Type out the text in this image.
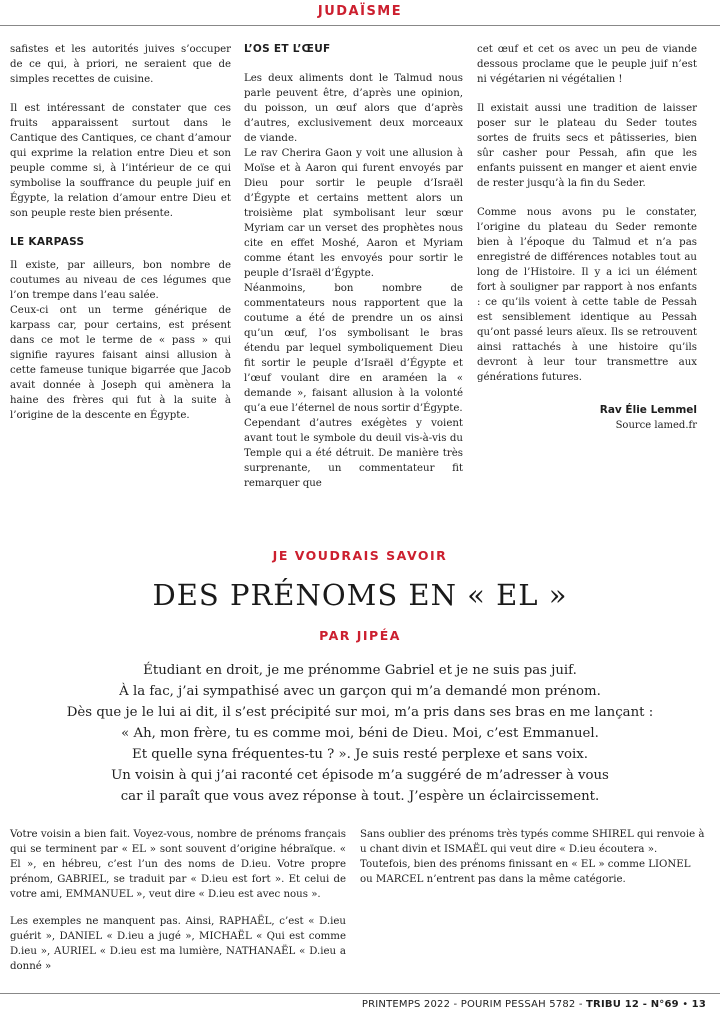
JUDAÏSME

safistes et les autorités juives s’occuper de ce qui, à priori, ne seraient que de simples recettes de cuisine.

Il est intéressant de constater que ces fruits apparaissent surtout dans le Cantique des Cantiques, ce chant d’amour qui exprime la relation entre Dieu et son peuple comme si, à l’intérieur de ce qui symbolise la souffrance du peuple juif en Égypte, la relation d’amour entre Dieu et son peuple reste bien présente.

LE KARPASS

Il existe, par ailleurs, bon nombre de coutumes au niveau de ces légumes que l’on trempe dans l’eau salée.

Ceux-ci ont un terme générique de karpass car, pour certains, est présent dans ce mot le terme de « pass » qui signifie rayures faisant ainsi allusion à cette fameuse tunique bigarrée que Jacob avait donnée à Joseph qui amènera la haine des frères qui fut à la suite à l’origine de la descente en Égypte.

L’OS ET L’ŒUF

Les deux aliments dont le Talmud nous parle peuvent être, d’après une opinion, du poisson, un œuf alors que d’après d’autres, exclusivement deux morceaux de viande.

Le rav Cherira Gaon y voit une allusion à Moïse et à Aaron qui furent envoyés par Dieu pour sortir le peuple d’Israël d’Égypte et certains mettent alors un troisième plat symbolisant leur sœur Myriam car un verset des prophètes nous cite en effet Moshé, Aaron et Myriam comme étant les envoyés pour sortir le peuple d’Israël d’Égypte.

Néanmoins, bon nombre de commentateurs nous rapportent que la coutume a été de prendre un os ainsi qu’un œuf, l’os symbolisant le bras étendu par lequel symboliquement Dieu fit sortir le peuple d’Israël d’Égypte et l’œuf voulant dire en araméen la « demande », faisant allusion à la volonté qu’a eue l’éternel de nous sortir d’Égypte.

Cependant d’autres exégètes y voient avant tout le symbole du deuil vis-à-vis du Temple qui a été détruit. De manière très surprenante, un commentateur fit remarquer que

cet œuf et cet os avec un peu de viande dessous proclame que le peuple juif n’est ni végétarien ni végétalien !

Il existait aussi une tradition de laisser poser sur le plateau du Seder toutes sortes de fruits secs et pâtisseries, bien sûr casher pour Pessah, afin que les enfants puissent en manger et aient envie de rester jusqu’à la fin du Seder.

Comme nous avons pu le constater, l’origine du plateau du Seder remonte bien à l’époque du Talmud et n’a pas enregistré de différences notables tout au long de l’Histoire. Il y a ici un élément fort à souligner par rapport à nos enfants : ce qu’ils voient à cette table de Pessah est sensiblement identique au Pessah qu’ont passé leurs aïeux. Ils se retrouvent ainsi rattachés à une histoire qu’ils devront à leur tour transmettre aux générations futures.

Rav Élie Lemmel
Source lamed.fr
JE VOUDRAIS SAVOIR
DES PRÉNOMS EN « EL »
PAR JIPÉA
Étudiant en droit, je me prénomme Gabriel et je ne suis pas juif.
À la fac, j’ai sympathisé avec un garçon qui m’a demandé mon prénom.
Dès que je le lui ai dit, il s’est précipité sur moi, m’a pris dans ses bras en me lançant :
« Ah, mon frère, tu es comme moi, béni de Dieu. Moi, c’est Emmanuel.
Et quelle syna fréquentes-tu ? ». Je suis resté perplexe et sans voix.
Un voisin à qui j’ai raconté cet épisode m’a suggéré de m’adresser à vous
car il paraît que vous avez réponse à tout. J’espère un éclaircissement.

Votre voisin a bien fait. Voyez-vous, nombre de prénoms français qui se terminent par « EL » sont souvent d’origine hébraïque. « El », en hébreu, c’est l’un des noms de D.ieu. Votre propre prénom, GABRIEL, se traduit par « D.ieu est fort ». Et celui de votre ami, EMMANUEL », veut dire « D.ieu est avec nous ».

Les exemples ne manquent pas. Ainsi, RAPHAËL, c’est « D.ieu guérit », DANIEL « D.ieu a jugé », MICHAËL « Qui est comme D.ieu », AURIEL « D.ieu est ma lumière, NATHANAËL « D.ieu a donné »

Sans oublier des prénoms très typés comme SHIREL qui renvoie à u chant divin et ISMAËL qui veut dire « D.ieu écoutera ».

Toutefois, bien des prénoms finissant en « EL » comme LIONEL ou MARCEL n’entrent pas dans la même catégorie.

PRINTEMPS 2022 - POURIM PESSAH 5782 - TRIBU 12 - N°69 • 13
